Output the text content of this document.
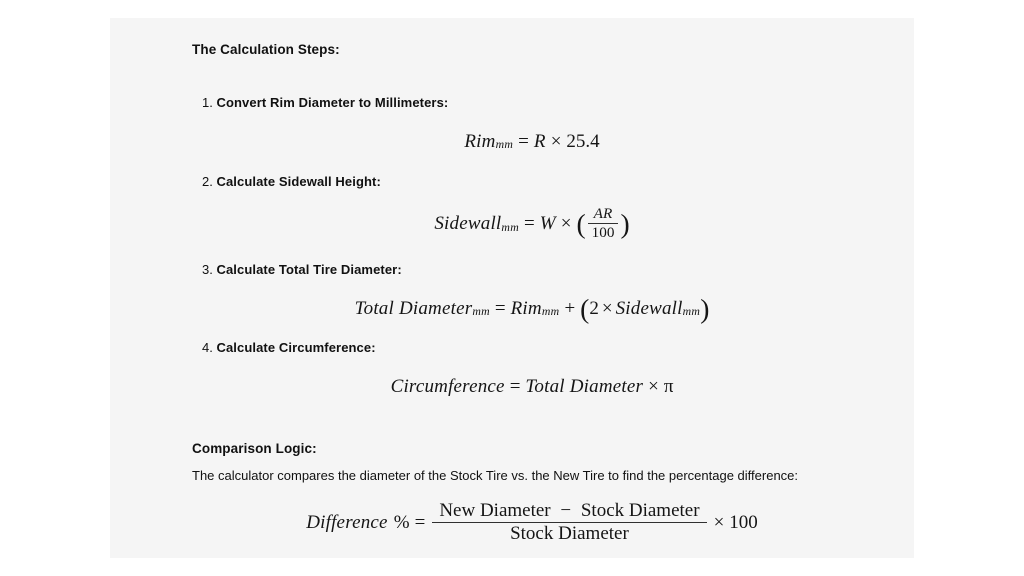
The Calculation Steps:
1. Convert Rim Diameter to Millimeters:
Rim mm = R × 25.4
2. Calculate Sidewall Height:
Sidewall mm = W × ( $\frac{AR}{100}$ )
3. Calculate Total Tire Diameter:
Total Diameter mm = Rim mm + ( 2 × Sidewall mm )
4. Calculate Circumference:
Circumference = Total Diameter × π
Comparison Logic:
The calculator compares the diameter of the Stock Tire vs. the New Tire to find the percentage difference:
Difference % = $\frac{\text{New Diameter − Stock Diameter}}{\text{Stock Diameter}} \times 100$
